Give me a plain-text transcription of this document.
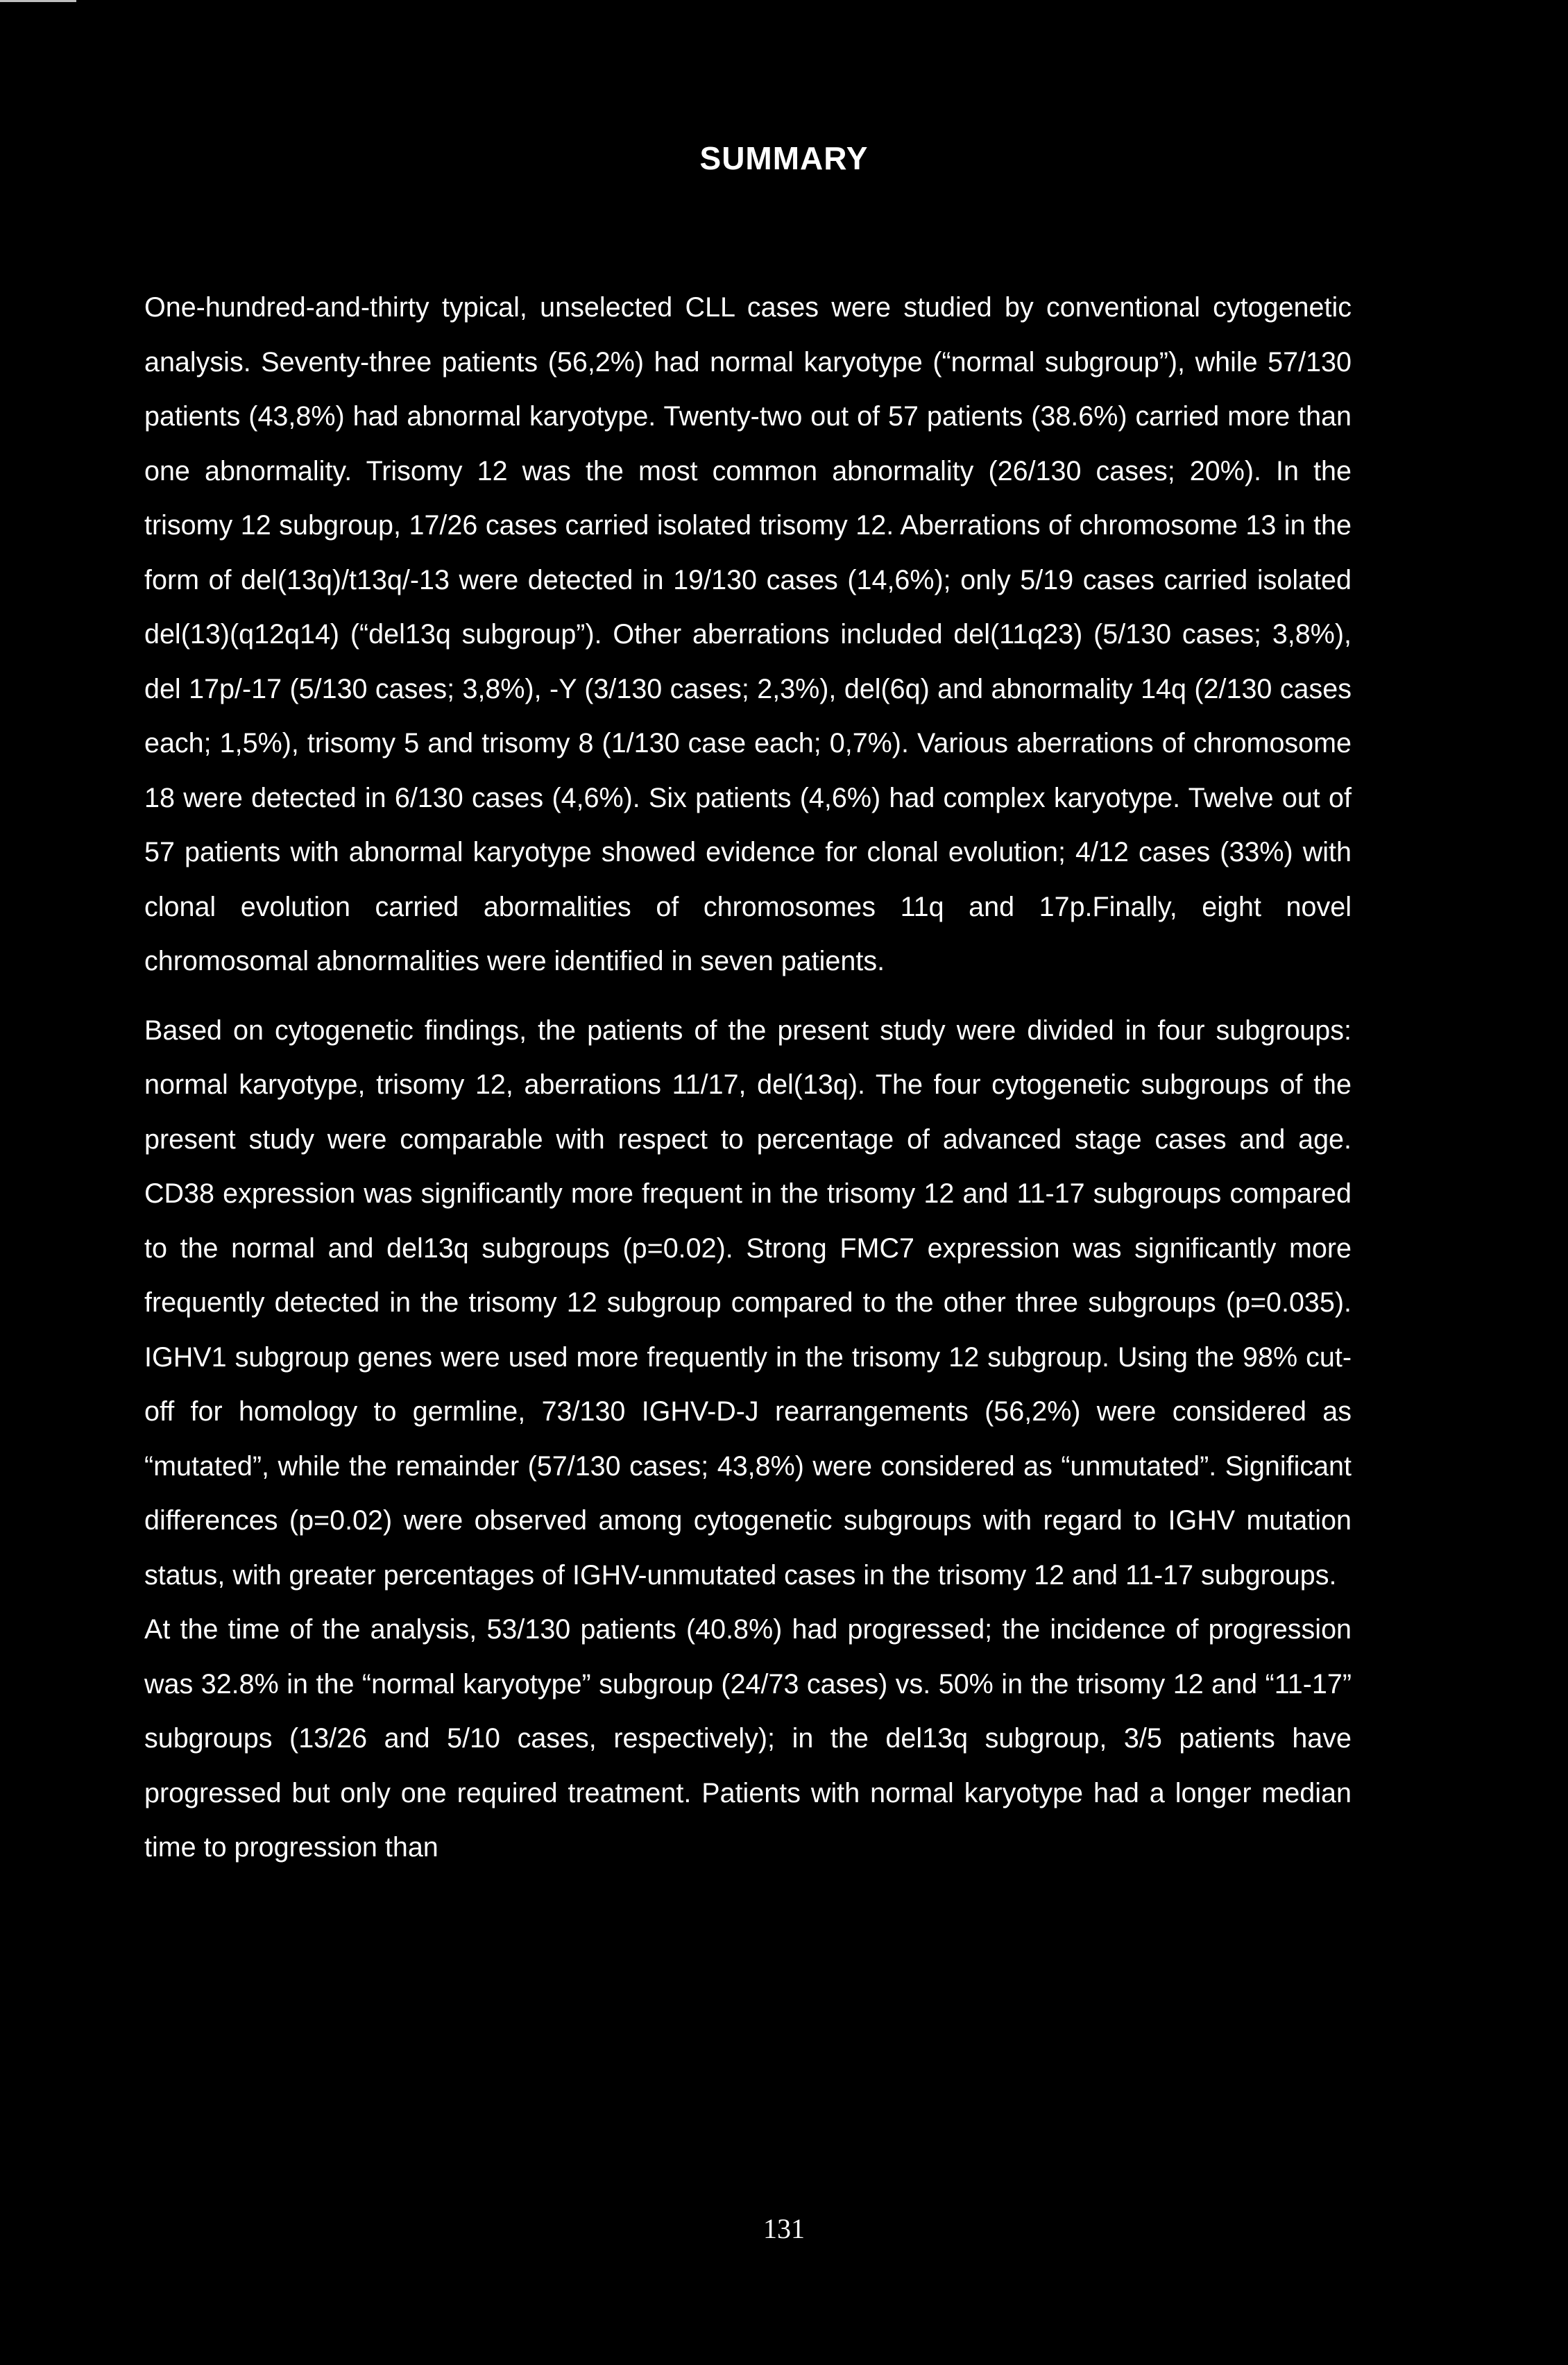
SUMMARY

One-hundred-and-thirty typical, unselected CLL cases were studied by conventional cytogenetic analysis. Seventy-three patients (56,2%) had normal karyotype (“normal subgroup”), while 57/130 patients (43,8%) had abnormal karyotype. Twenty-two out of 57 patients (38.6%) carried more than one abnormality. Trisomy 12 was the most common abnormality (26/130 cases; 20%). In the trisomy 12 subgroup, 17/26 cases carried isolated trisomy 12. Aberrations of chromosome 13 in the form of del(13q)/t13q/-13 were detected in 19/130 cases (14,6%); only 5/19 cases carried isolated del(13)(q12q14) (“del13q subgroup”). Other aberrations included del(11q23) (5/130 cases; 3,8%), del 17p/-17 (5/130 cases; 3,8%), -Y (3/130 cases; 2,3%), del(6q) and abnormality 14q (2/130 cases each; 1,5%), trisomy 5 and trisomy 8 (1/130 case each; 0,7%). Various aberrations of chromosome 18 were detected in 6/130 cases (4,6%). Six patients (4,6%) had complex karyotype. Twelve out of 57 patients with abnormal karyotype showed evidence for clonal evolution; 4/12 cases (33%) with clonal evolution carried abormalities of chromosomes 11q and 17p.Finally, eight novel chromosomal abnormalities were identified in seven patients.

Based on cytogenetic findings, the patients of the present study were divided in four subgroups: normal karyotype, trisomy 12, aberrations 11/17, del(13q). The four cytogenetic subgroups of the present study were comparable with respect to percentage of advanced stage cases and age. CD38 expression was significantly more frequent in the trisomy 12 and 11-17 subgroups compared to the normal and del13q subgroups (p=0.02). Strong FMC7 expression was significantly more frequently detected in the trisomy 12 subgroup compared to the other three subgroups (p=0.035). IGHV1 subgroup genes were used more frequently in the trisomy 12 subgroup. Using the 98% cut-off for homology to germline, 73/130 IGHV-D-J rearrangements (56,2%) were considered as “mutated”, while the remainder (57/130 cases; 43,8%) were considered as “unmutated”. Significant differences (p=0.02) were observed among cytogenetic subgroups with regard to IGHV mutation status, with greater percentages of IGHV-unmutated cases in the trisomy 12 and 11-17 subgroups.

At the time of the analysis, 53/130 patients (40.8%) had progressed; the incidence of progression was 32.8% in the “normal karyotype” subgroup (24/73 cases) vs. 50% in the trisomy 12 and “11-17” subgroups (13/26 and 5/10 cases, respectively); in the del13q subgroup, 3/5 patients have progressed but only one required treatment. Patients with normal karyotype had a longer median time to progression than

131
